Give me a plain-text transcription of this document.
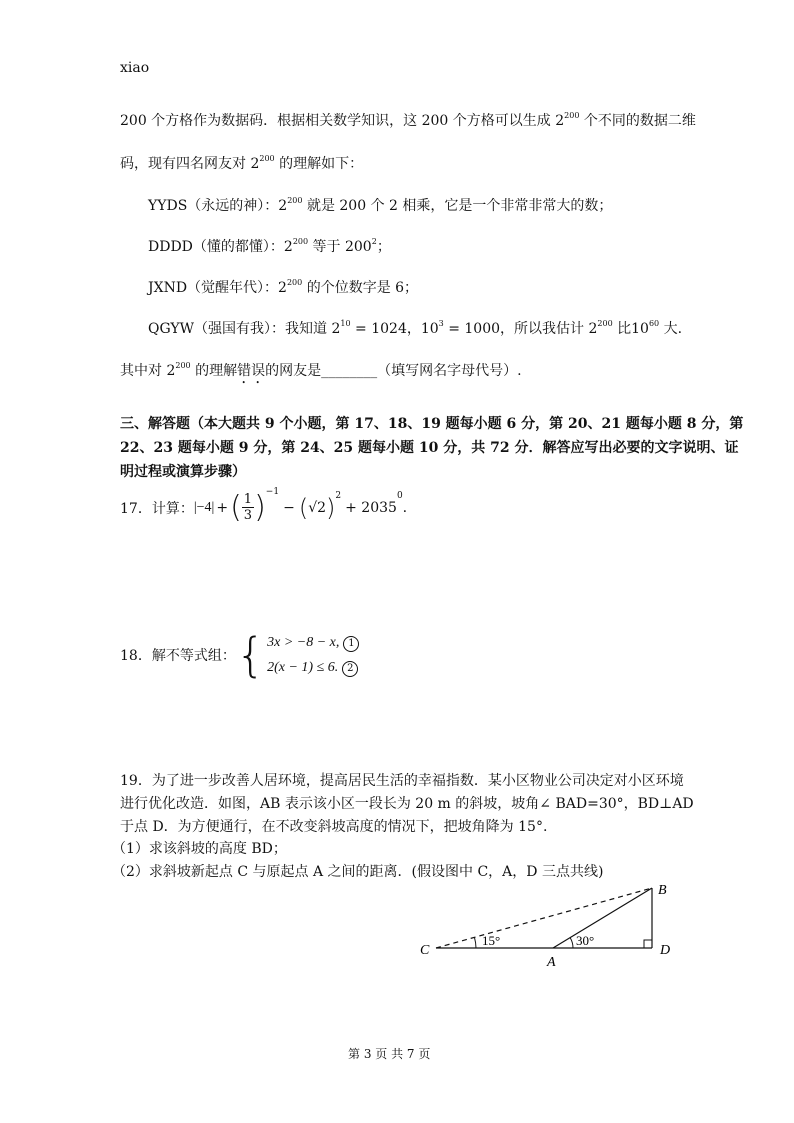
xiao
200 个方格作为数据码．根据相关数学知识，这 200 个方格可以生成 $2^{200}$ 个不同的数据二维
码，现有四名网友对 $2^{200}$ 的理解如下：
YYDS（永远的神）：$2^{200}$ 就是 200 个 2 相乘，它是一个非常非常大的数；
DDDD（懂的都懂）：$2^{200}$ 等于 $200^2$；
JXND（觉醒年代）：$2^{200}$ 的个位数字是 6；
QGYW（强国有我）：我知道 $2^{10} = 1024$，$10^3 = 1000$，所以我估计 $2^{200}$ 比$10^{60}$ 大.
其中对 $2^{200}$ 的理解错误的网友是________（填写网名字母代号）.
三、解答题（本大题共 9 个小题，第 17、18、19 题每小题 6 分，第 20、21 题每小题 8 分，第
22、23 题每小题 9 分，第 24、25 题每小题 10 分，共 72 分．解答应写出必要的文字说明、证
明过程或演算步骤）
17．计算： |−4| + ( $\frac{1}{3}$ ) −1
− ( √2 ) 2
+ 2035
0
.
18．解不等式组： { 3x > −8 − x, 1
2(x − 1) ≤ 6. 2
19．为了进一步改善人居环境，提高居民生活的幸福指数．某小区物业公司决定对小区环境
进行优化改造．如图，AB 表示该小区一段长为 20 m 的斜坡，坡角∠ BAD=30°，BD⊥AD
于点 D．为方便通行，在不改变斜坡高度的情况下，把坡角降为 15°.
（1）求该斜坡的高度 BD；
（2）求斜坡新起点 C 与原起点 A 之间的距离．(假设图中 C，A，D 三点共线)
B
C
A
D
15°	30°
第 3 页 共 7 页
